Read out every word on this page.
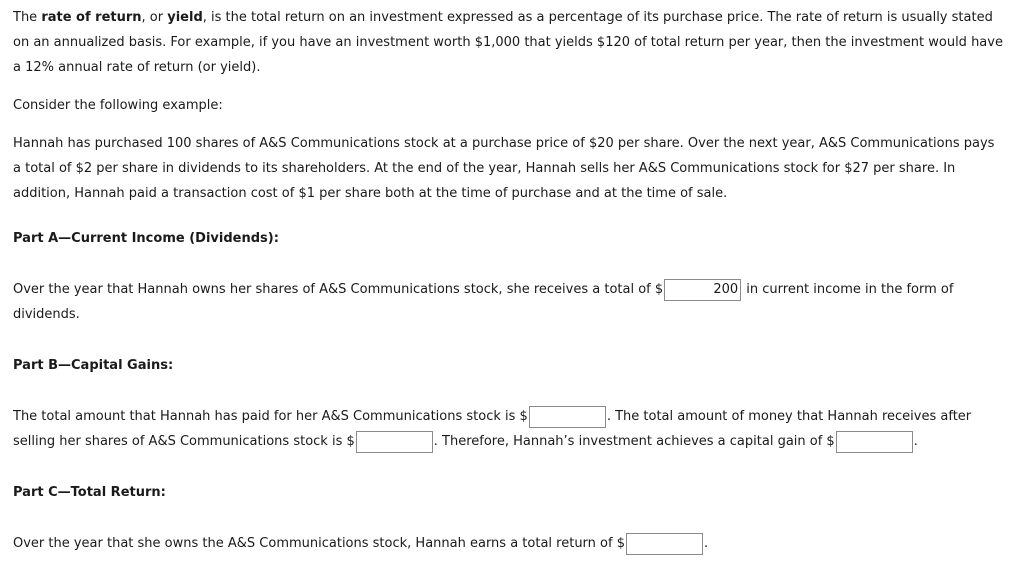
The rate of return, or yield, is the total return on an investment expressed as a percentage of its purchase price. The rate of return is usually stated on an annualized basis. For example, if you have an investment worth $1,000 that yields $120 of total return per year, then the investment would have a 12% annual rate of return (or yield).

Consider the following example:

Hannah has purchased 100 shares of A&S Communications stock at a purchase price of $20 per share. Over the next year, A&S Communications pays a total of $2 per share in dividends to its shareholders. At the end of the year, Hannah sells her A&S Communications stock for $27 per share. In addition, Hannah paid a transaction cost of $1 per share both at the time of purchase and at the time of sale.

Part A—Current Income (Dividends):

Over the year that Hannah owns her shares of A&S Communications stock, she receives a total of $200	in current income in the form of dividends.

Part B—Capital Gains:

The total amount that Hannah has paid for her A&S Communications stock is $	. The total amount of money that Hannah receives after selling her shares of A&S Communications stock is $	. Therefore, Hannah’s investment achieves a capital gain of $	.

Part C—Total Return:

Over the year that she owns the A&S Communications stock, Hannah earns a total return of $	.
